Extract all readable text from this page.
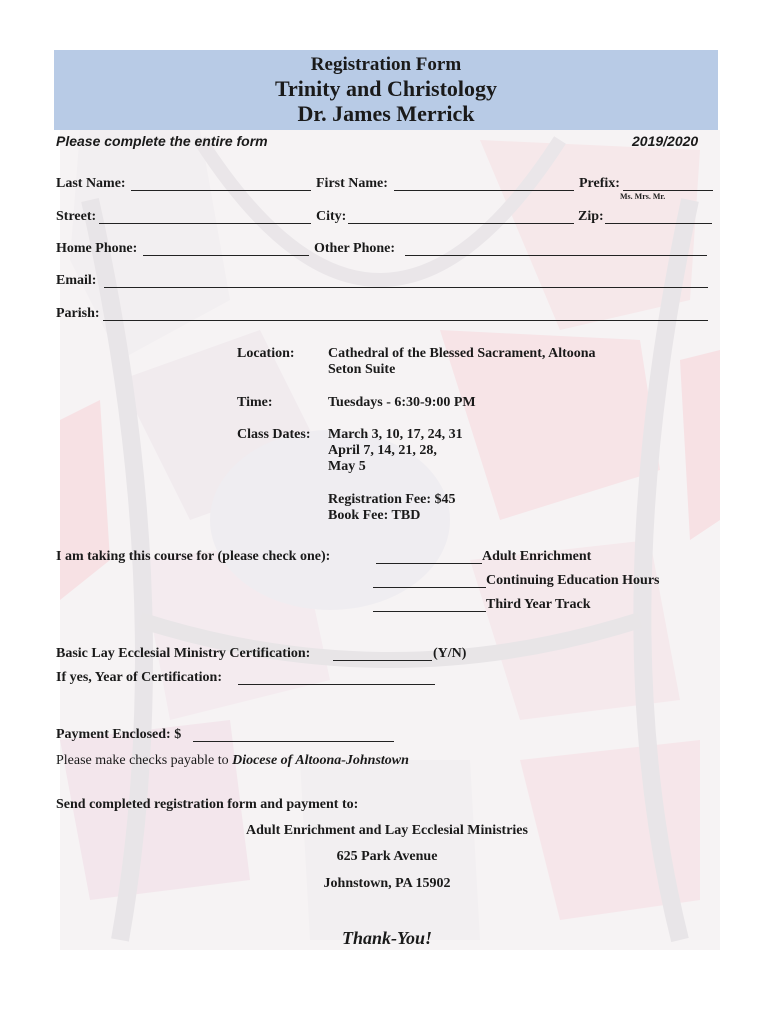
Registration Form
Trinity and Christology
Dr. James Merrick
Please complete the entire form	2019/2020
Last Name:	First Name:	Prefix:
Ms. Mrs. Mr.
Street:	City:	Zip:
Home Phone:	Other Phone:
Email:
Parish:
Location: Cathedral of the Blessed Sacrament, Altoona
Seton Suite
Time:	Tuesdays - 6:30-9:00 PM
Class Dates: March 3, 10, 17, 24, 31
April 7, 14, 21, 28,
May 5
Registration Fee: $45
Book Fee: TBD
I am taking this course for (please check one):	Adult Enrichment
Continuing Education Hours
Third Year Track
Basic Lay Ecclesial Ministry Certification:	(Y/N)
If yes, Year of Certification:
Payment Enclosed: $
Please make checks payable to Diocese of Altoona-Johnstown
Send completed registration form and payment to:
Adult Enrichment and Lay Ecclesial Ministries
625 Park Avenue
Johnstown, PA 15902
Thank-You!
